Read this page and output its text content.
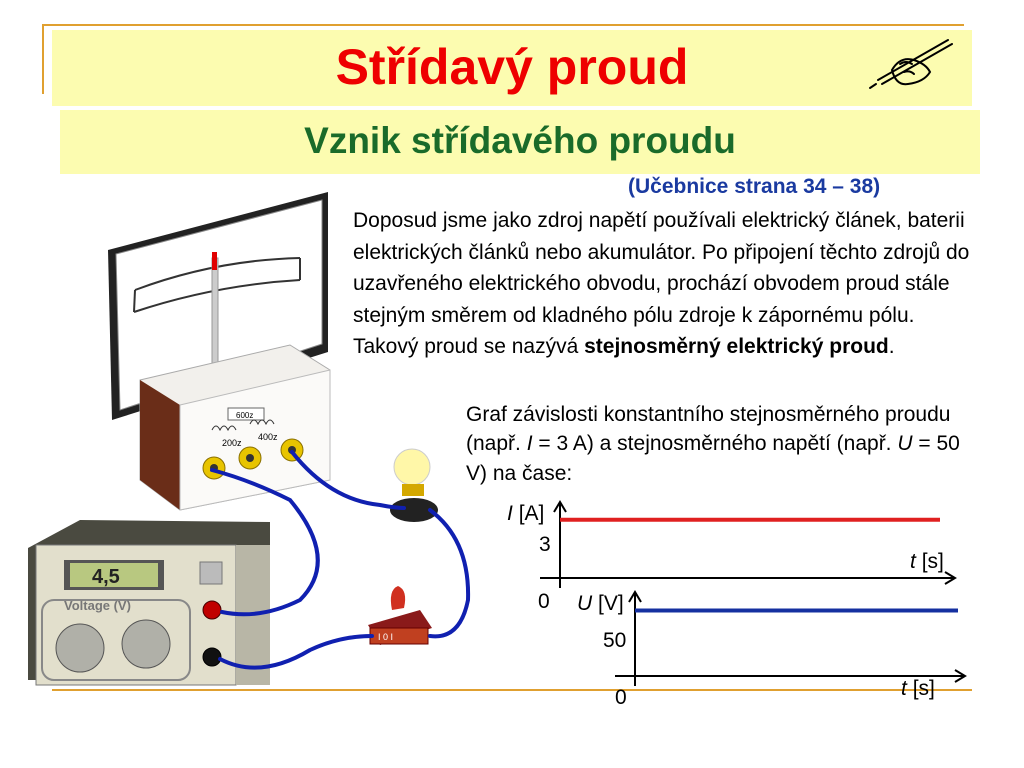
Střídavý proud
Vznik střídavého proudu
(Učebnice strana 34 – 38)
Doposud jsme jako zdroj napětí používali elektrický článek, baterii elektrických článků nebo akumulátor. Po připojení těchto zdrojů do uzavřeného elektrického obvodu, prochází obvodem proud stále stejným směrem od kladného pólu zdroje k zápornému pólu. Takový proud se nazývá stejnosměrný elektrický proud.
Graf závislosti konstantního stejnosměrného proudu (např. I = 3 A) a stejnosměrného napětí (např. U = 50 V) na čase:
600z
200z
400z
I 0 I
4,5
Voltage (V)
I [A]
3
0
t [s]
U [V]
50
0	t [s]
